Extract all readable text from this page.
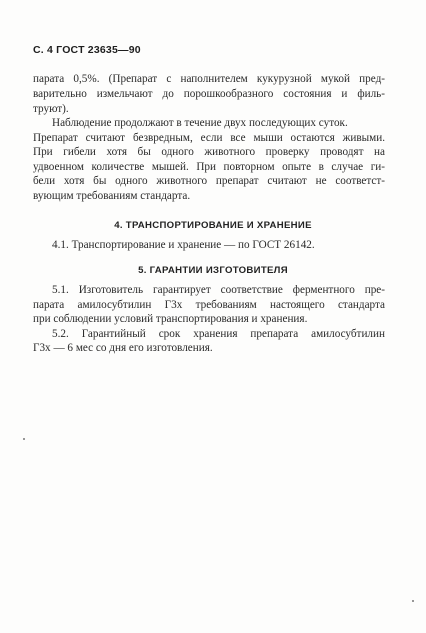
С. 4 ГОСТ 23635—90
парата 0,5%. (Препарат с наполнителем кукурузной мукой пред-
варительно измельчают до порошкообразного состояния и филь-
труют).
Наблюдение продолжают в течение двух последующих суток.
Препарат считают безвредным, если все мыши остаются живыми.
При гибели хотя бы одного животного проверку проводят на
удвоенном количестве мышей. При повторном опыте в случае ги-
бели хотя бы одного животного препарат считают не соответст-
вующим требованиям стандарта.
4. ТРАНСПОРТИРОВАНИЕ И ХРАНЕНИЕ
4.1. Транспортирование и хранение — по ГОСТ 26142.
5. ГАРАНТИИ ИЗГОТОВИТЕЛЯ
5.1. Изготовитель гарантирует соответствие ферментного пре-
парата амилосубтилин Г3х требованиям настоящего стандарта
при соблюдении условий транспортирования и хранения.
5.2. Гарантийный срок хранения препарата амилосубтилин
Г3х — 6 мес со дня его изготовления.
